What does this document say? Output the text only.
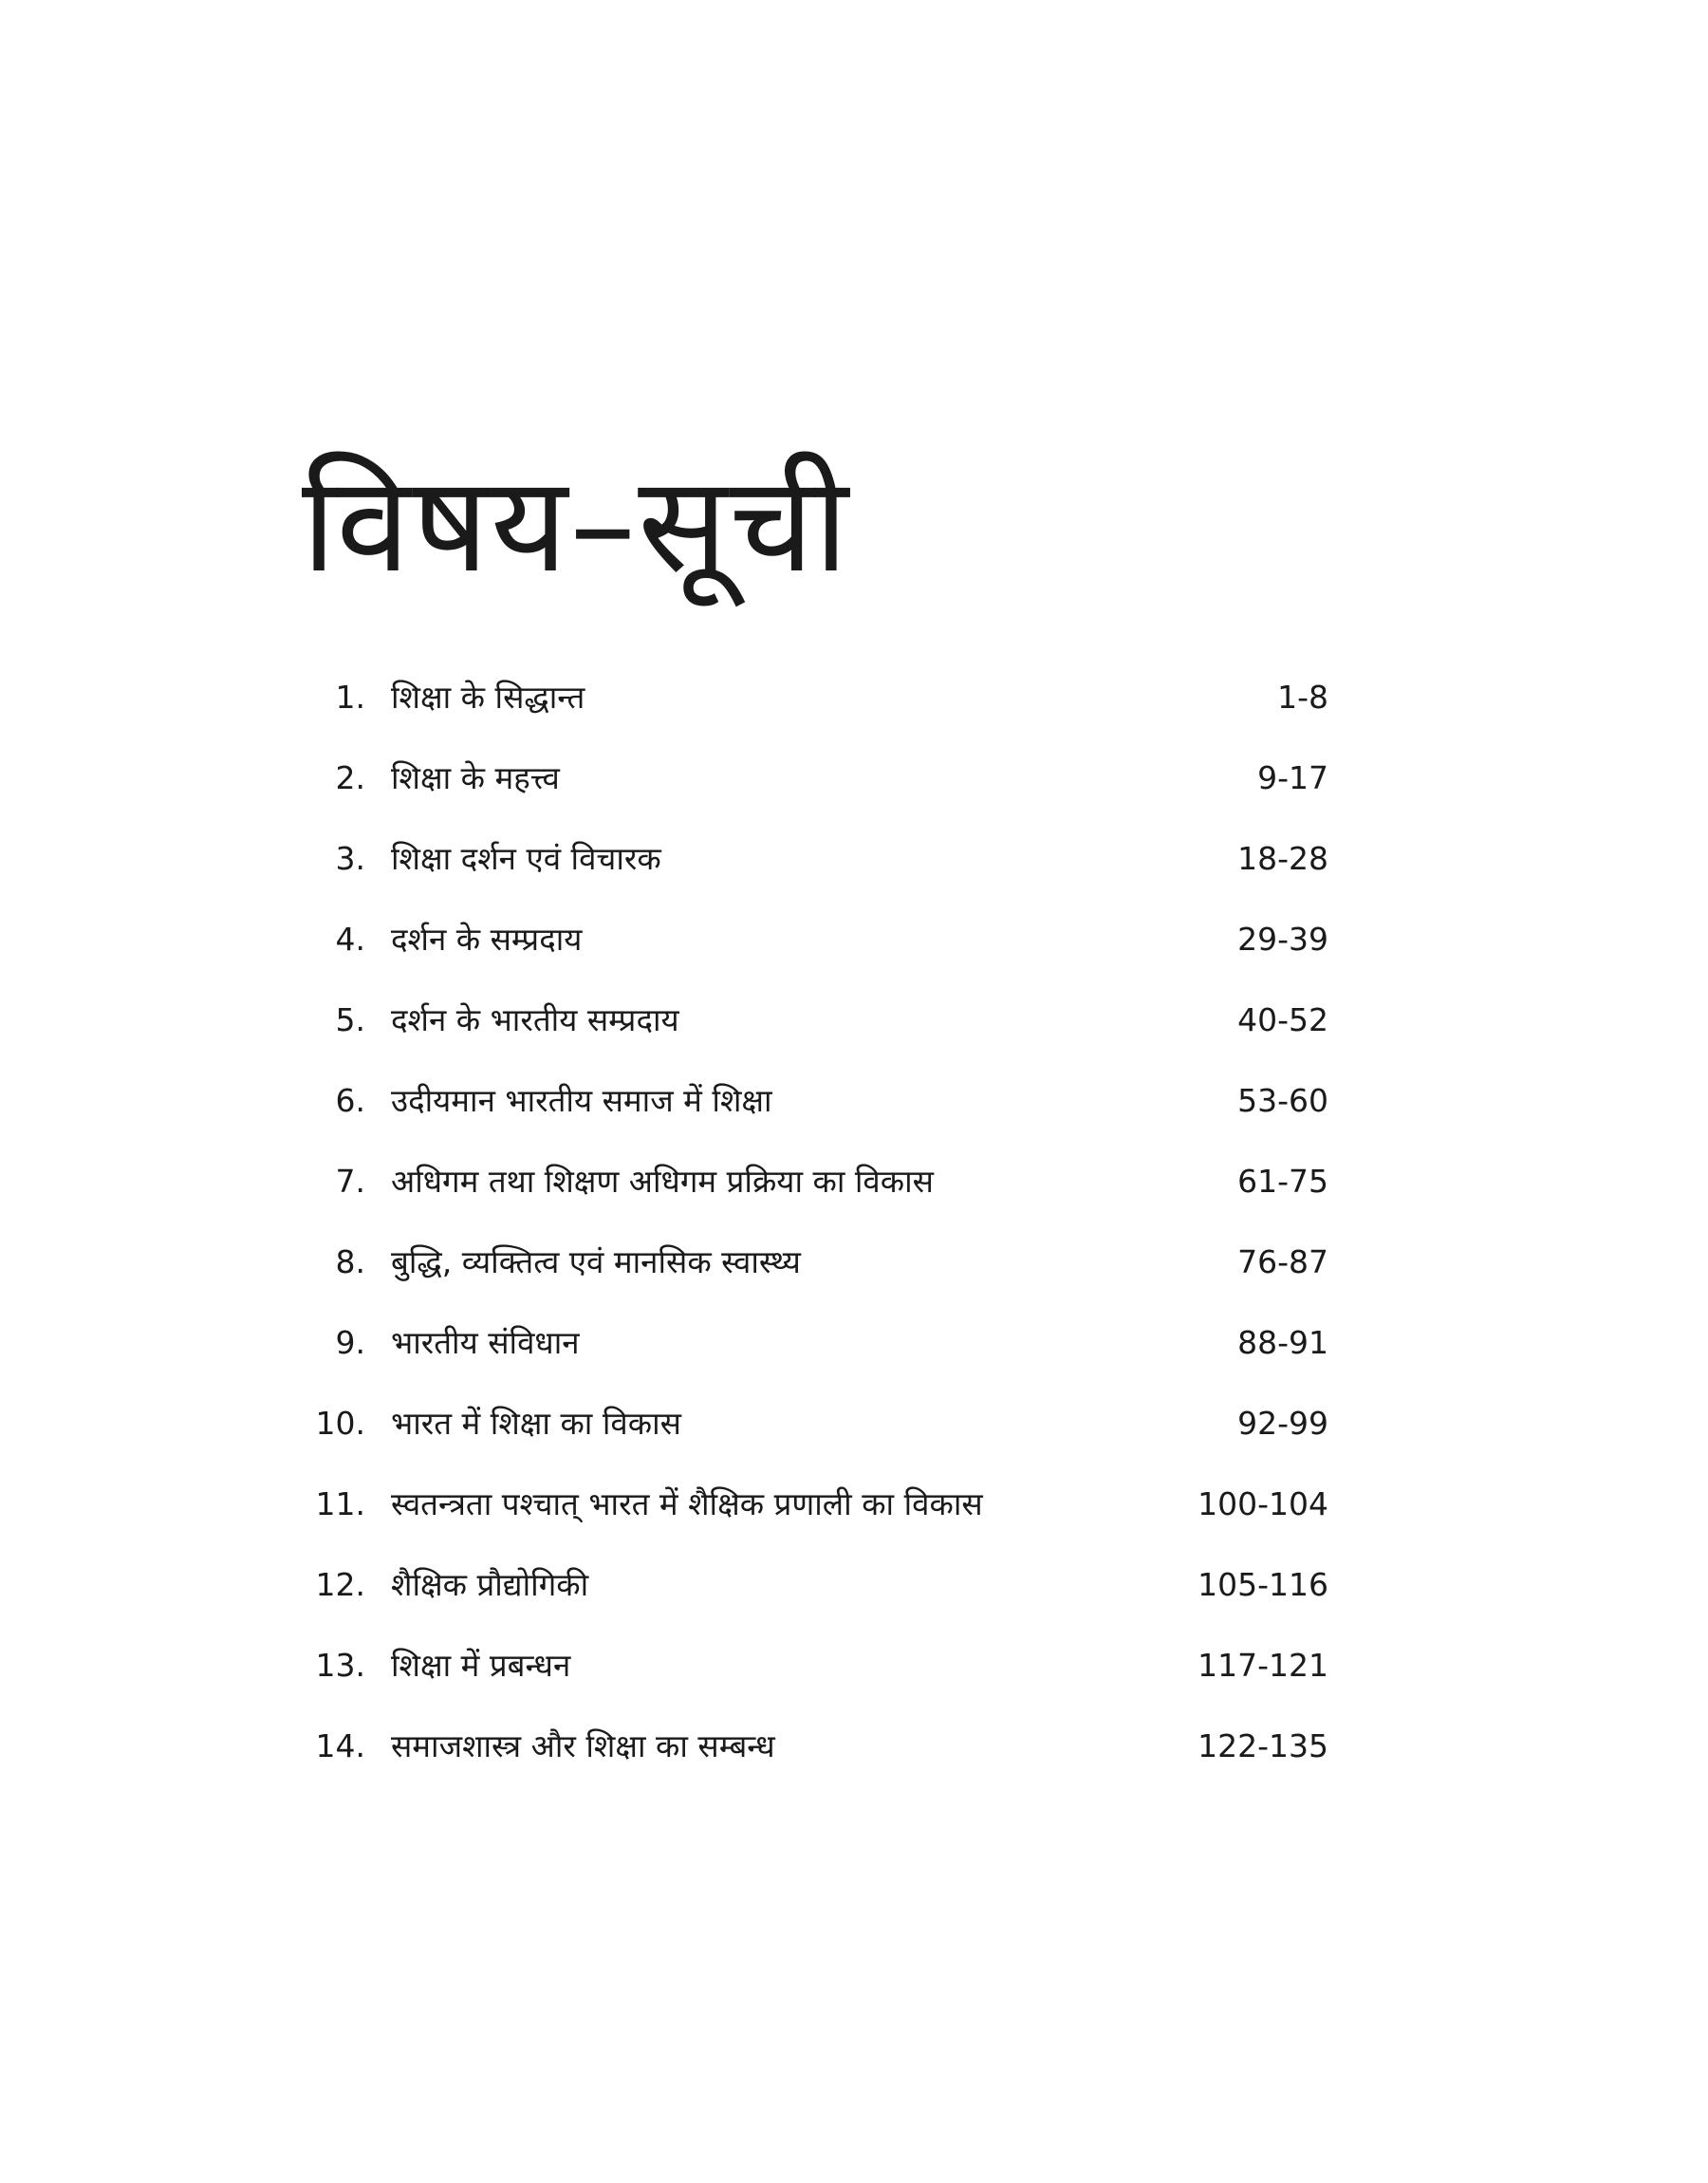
विषय–सूची
1. शिक्षा के सिद्धान्त	1-8
2. शिक्षा के महत्त्व	9-17
3. शिक्षा दर्शन एवं विचारक	18-28
4. दर्शन के सम्प्रदाय	29-39
5. दर्शन के भारतीय सम्प्रदाय	40-52
6. उदीयमान भारतीय समाज में शिक्षा	53-60
7. अधिगम तथा शिक्षण अधिगम प्रक्रिया का विकास	61-75
8. बुद्धि, व्यक्तित्व एवं मानसिक स्वास्थ्य	76-87
9. भारतीय संविधान	88-91
10. भारत में शिक्षा का विकास	92-99
11. स्वतन्त्रता पश्चात् भारत में शैक्षिक प्रणाली का विकास	100-104
12. शैक्षिक प्रौद्योगिकी	105-116
13. शिक्षा में प्रबन्धन	117-121
14. समाजशास्त्र और शिक्षा का सम्बन्ध	122-135
